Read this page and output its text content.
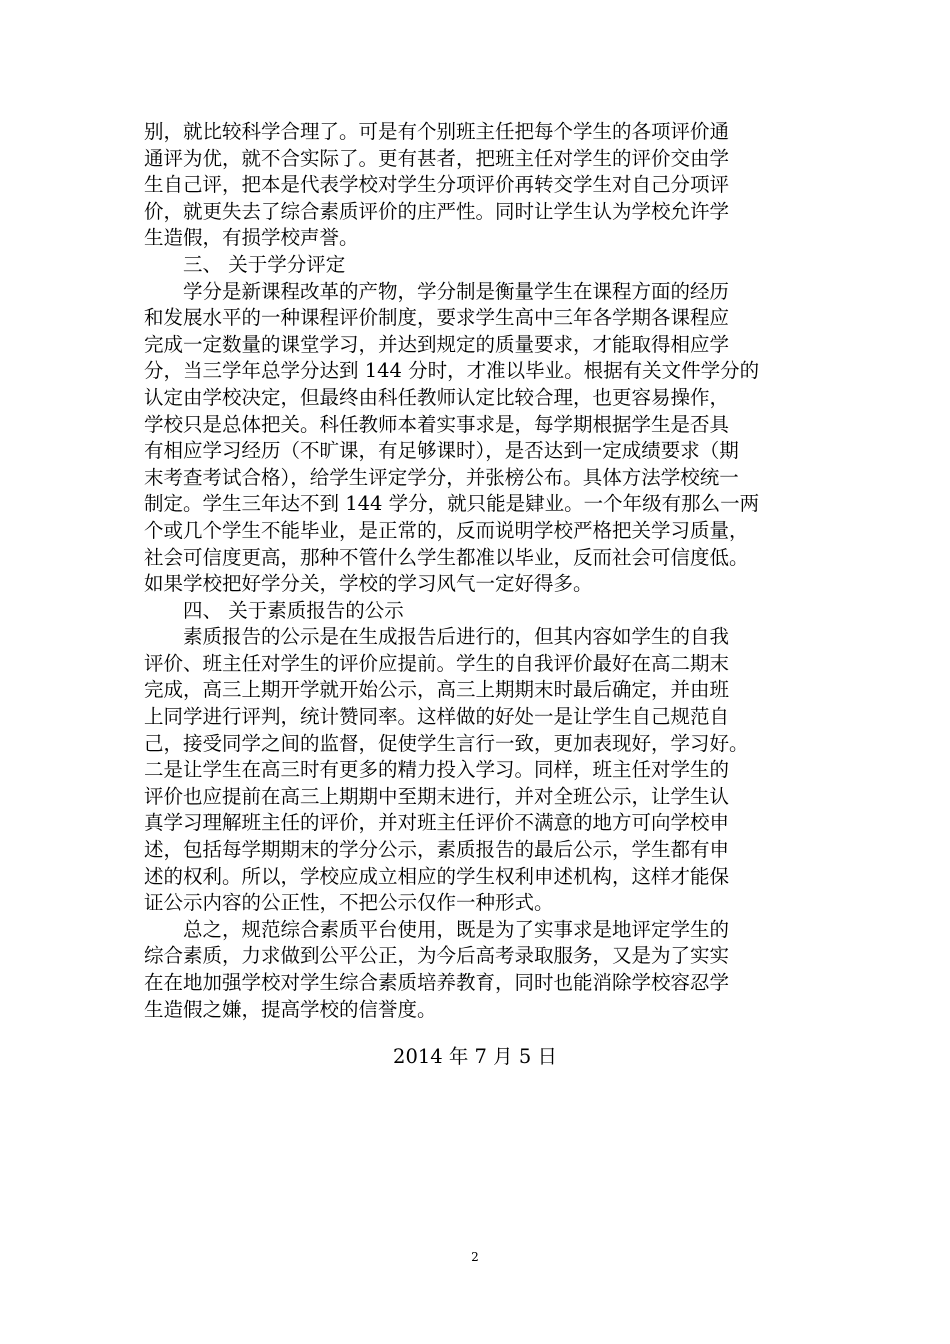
别，就比较科学合理了。可是有个别班主任把每个学生的各项评价通
通评为优，就不合实际了。更有甚者，把班主任对学生的评价交由学
生自己评，把本是代表学校对学生分项评价再转交学生对自己分项评
价，就更失去了综合素质评价的庄严性。同时让学生认为学校允许学
生造假，有损学校声誉。
　　三、 关于学分评定
　　学分是新课程改革的产物，学分制是衡量学生在课程方面的经历
和发展水平的一种课程评价制度，要求学生高中三年各学期各课程应
完成一定数量的课堂学习，并达到规定的质量要求，才能取得相应学
分，当三学年总学分达到 144 分时，才准以毕业。根据有关文件学分的
认定由学校决定，但最终由科任教师认定比较合理，也更容易操作，
学校只是总体把关。科任教师本着实事求是，每学期根据学生是否具
有相应学习经历（不旷课，有足够课时），是否达到一定成绩要求（期
末考查考试合格），给学生评定学分，并张榜公布。具体方法学校统一
制定。学生三年达不到 144 学分，就只能是肄业。一个年级有那么一两
个或几个学生不能毕业，是正常的，反而说明学校严格把关学习质量，
社会可信度更高，那种不管什么学生都准以毕业，反而社会可信度低。
如果学校把好学分关，学校的学习风气一定好得多。
　　四、 关于素质报告的公示
　　素质报告的公示是在生成报告后进行的，但其内容如学生的自我
评价、班主任对学生的评价应提前。学生的自我评价最好在高二期末
完成，高三上期开学就开始公示，高三上期期末时最后确定，并由班
上同学进行评判，统计赞同率。这样做的好处一是让学生自己规范自
己，接受同学之间的监督，促使学生言行一致，更加表现好，学习好。
二是让学生在高三时有更多的精力投入学习。同样，班主任对学生的
评价也应提前在高三上期期中至期末进行，并对全班公示，让学生认
真学习理解班主任的评价，并对班主任评价不满意的地方可向学校申
述，包括每学期期末的学分公示，素质报告的最后公示，学生都有申
述的权利。所以，学校应成立相应的学生权利申述机构，这样才能保
证公示内容的公正性，不把公示仅作一种形式。
　　总之，规范综合素质平台使用，既是为了实事求是地评定学生的
综合素质，力求做到公平公正，为今后高考录取服务，又是为了实实
在在地加强学校对学生综合素质培养教育，同时也能消除学校容忍学
生造假之嫌，提高学校的信誉度。
2014 年 7 月 5 日
2
